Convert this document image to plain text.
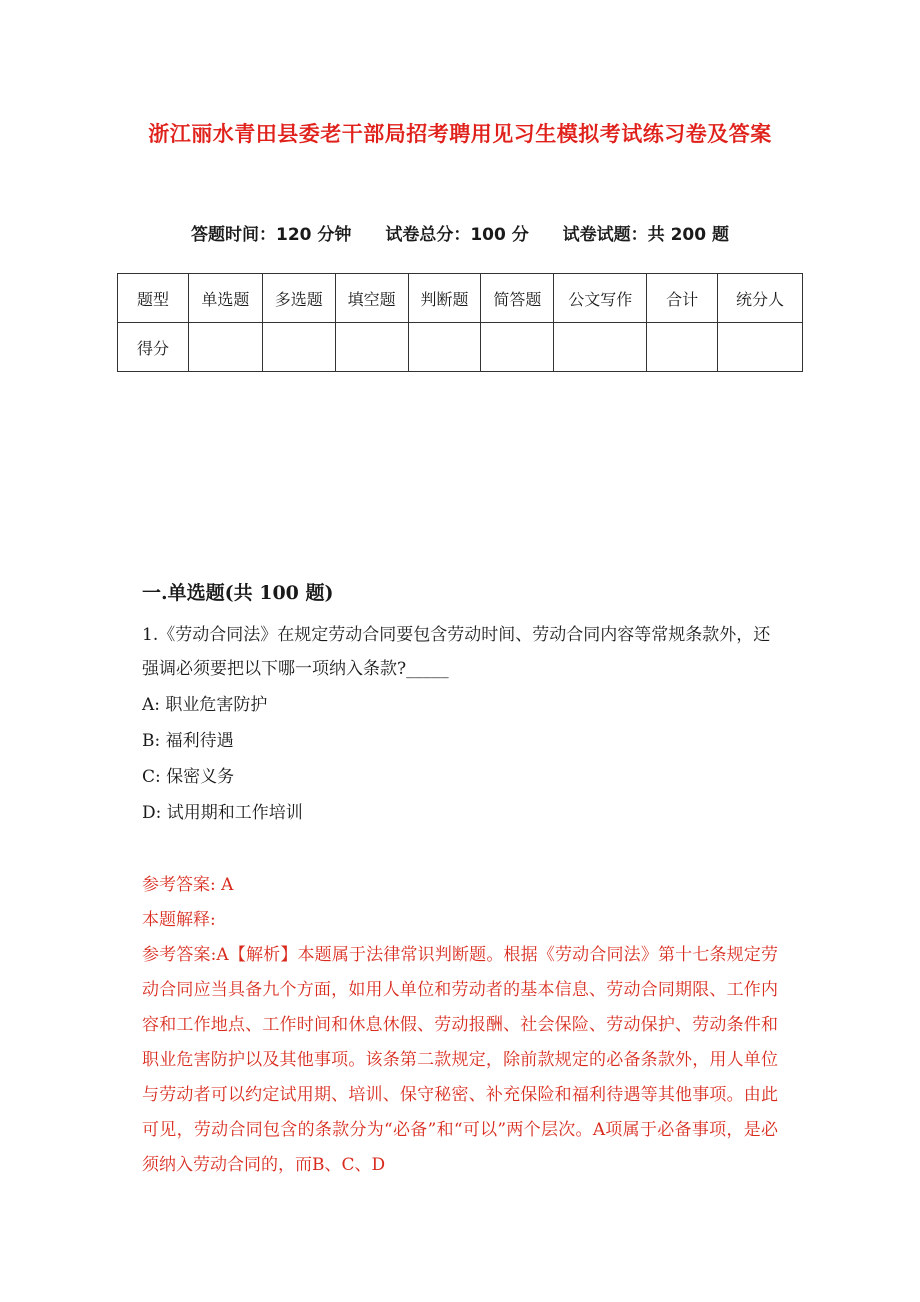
浙江丽水青田县委老干部局招考聘用见习生模拟考试练习卷及答案
答题时间：120 分钟 试卷总分：100 分 试卷试题：共 200 题
题型	单选题	多选题	填空题	判断题	简答题	公文写作	合计	统分人
得分								
一.单选题(共 100 题)
1.《劳动合同法》在规定劳动合同要包含劳动时间、劳动合同内容等常规条款外，还强调必须要把以下哪一项纳入条款?_____
A: 职业危害防护
B: 福利待遇
C: 保密义务
D: 试用期和工作培训
参考答案: A
本题解释:
参考答案:A【解析】本题属于法律常识判断题。根据《劳动合同法》第十七条规定劳动合同应当具备九个方面，如用人单位和劳动者的基本信息、劳动合同期限、工作内容和工作地点、工作时间和休息休假、劳动报酬、社会保险、劳动保护、劳动条件和职业危害防护以及其他事项。该条第二款规定，除前款规定的必备条款外，用人单位与劳动者可以约定试用期、培训、保守秘密、补充保险和福利待遇等其他事项。由此可见，劳动合同包含的条款分为“必备”和“可以”两个层次。A项属于必备事项，是必须纳入劳动合同的，而B、C、D
